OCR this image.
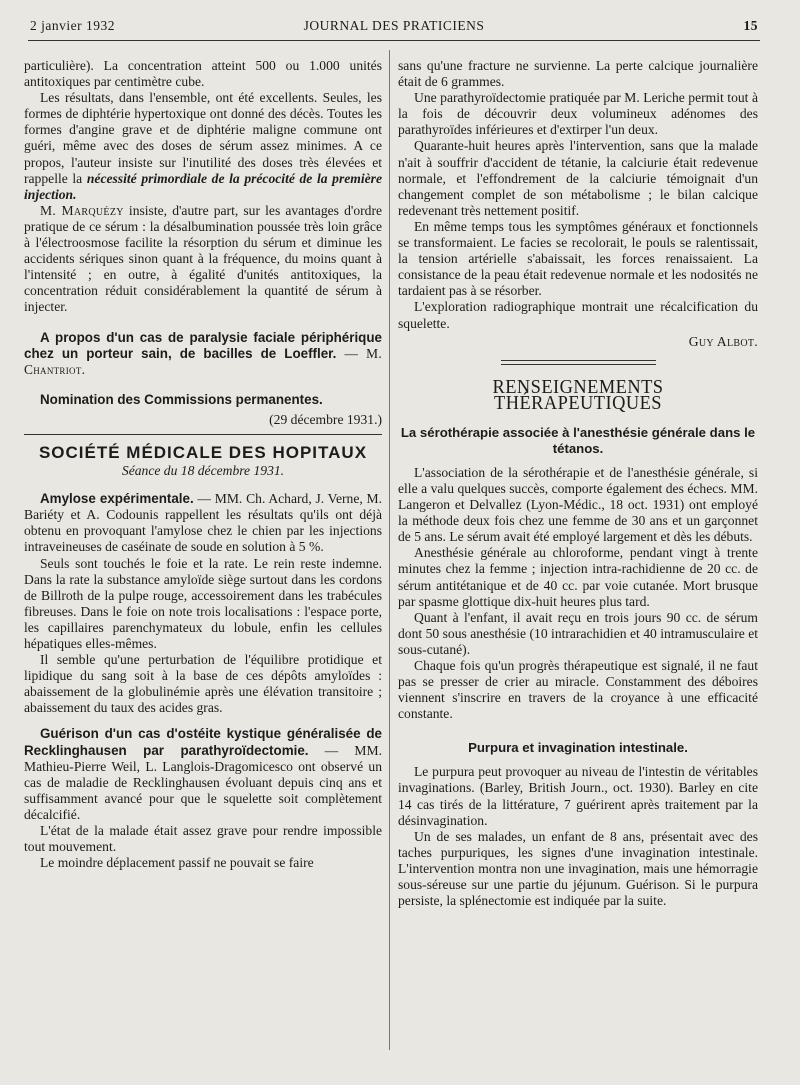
2 janvier 1932	JOURNAL DES PRATICIENS	15

particulière). La concentration atteint 500 ou 1.000 unités antitoxiques par centimètre cube.

Les résultats, dans l'ensemble, ont été excellents. Seules, les formes de diphtérie hypertoxique ont donné des décès. Toutes les formes d'angine grave et de diphtérie maligne commune ont guéri, même avec des doses de sérum assez minimes. A ce propos, l'auteur insiste sur l'inutilité des doses très élevées et rappelle la nécessité primordiale de la précocité de la première injection.

M. Marquézy insiste, d'autre part, sur les avantages d'ordre pratique de ce sérum : la désalbumination poussée très loin grâce à l'électroosmose facilite la résorption du sérum et diminue les accidents sériques sinon quant à la fréquence, du moins quant à l'intensité ; en outre, à égalité d'unités antitoxiques, la concentration réduit considérablement la quantité de sérum à injecter.

A propos d'un cas de paralysie faciale périphérique chez un porteur sain, de bacilles de Loeffler. — M. Chantriot.

Nomination des Commissions permanentes.

(29 décembre 1931.)
SOCIÉTÉ MÉDICALE DES HOPITAUX
Séance du 18 décembre 1931.

Amylose expérimentale. — MM. Ch. Achard, J. Verne, M. Bariéty et A. Codounis rappellent les résultats qu'ils ont déjà obtenu en provoquant l'amylose chez le chien par les injections intraveineuses de caséinate de soude en solution à 5 %.

Seuls sont touchés le foie et la rate. Le rein reste indemne. Dans la rate la substance amyloïde siège surtout dans les cordons de Billroth de la pulpe rouge, accessoirement dans les trabécules fibreuses. Dans le foie on note trois localisations : l'espace porte, les capillaires parenchymateux du lobule, enfin les cellules hépatiques elles-mêmes.

Il semble qu'une perturbation de l'équilibre protidique et lipidique du sang soit à la base de ces dépôts amyloïdes : abaissement de la globulinémie après une élévation transitoire ; abaissement du taux des acides gras.

Guérison d'un cas d'ostéite kystique généralisée de Recklinghausen par parathyroïdectomie. — MM. Mathieu-Pierre Weil, L. Langlois-Dragomicesco ont observé un cas de maladie de Recklinghausen évoluant depuis cinq ans et suffisamment avancé pour que le squelette soit complètement décalcifié.

L'état de la malade était assez grave pour rendre impossible tout mouvement.

Le moindre déplacement passif ne pouvait se faire

sans qu'une fracture ne survienne. La perte calcique journalière était de 6 grammes.

Une parathyroïdectomie pratiquée par M. Leriche permit tout à la fois de découvrir deux volumineux adénomes des parathyroïdes inférieures et d'extirper l'un deux.

Quarante-huit heures après l'intervention, sans que la malade n'ait à souffrir d'accident de tétanie, la calciurie était redevenue normale, et l'effondrement de la calciurie témoignait d'un changement complet de son métabolisme ; le bilan calcique redevenant très nettement positif.

En même temps tous les symptômes généraux et fonctionnels se transformaient. Le facies se recolorait, le pouls se ralentissait, la tension artérielle s'abaissait, les forces renaissaient. La consistance de la peau était redevenue normale et les nodosités ne tardaient pas à se résorber.

L'exploration radiographique montrait une récalcification du squelette.

Guy Albot.
RENSEIGNEMENTS THÉRAPEUTIQUES
La sérothérapie associée à l'anesthésie générale dans le tétanos.

L'association de la sérothérapie et de l'anesthésie générale, si elle a valu quelques succès, comporte également des échecs. MM. Langeron et Delvallez (Lyon-Médic., 18 oct. 1931) ont employé la méthode deux fois chez une femme de 30 ans et un garçonnet de 5 ans. Le sérum avait été employé largement et dès les débuts.

Anesthésie générale au chloroforme, pendant vingt à trente minutes chez la femme ; injection intra-rachidienne de 20 cc. de sérum antitétanique et de 40 cc. par voie cutanée. Mort brusque par spasme glottique dix-huit heures plus tard.

Quant à l'enfant, il avait reçu en trois jours 90 cc. de sérum dont 50 sous anesthésie (10 intrarachidien et 40 intramusculaire et sous-cutané).

Chaque fois qu'un progrès thérapeutique est signalé, il ne faut pas se presser de crier au miracle. Constamment des déboires viennent s'inscrire en travers de la croyance à une efficacité constante.

Purpura et invagination intestinale.

Le purpura peut provoquer au niveau de l'intestin de véritables invaginations. (Barley, British Journ., oct. 1930). Barley en cite 14 cas tirés de la littérature, 7 guérirent après traitement par la désinvagination.

Un de ses malades, un enfant de 8 ans, présentait avec des taches purpuriques, les signes d'une invagination intestinale. L'intervention montra non une invagination, mais une hémorragie sous-séreuse sur une partie du jéjunum. Guérison. Si le purpura persiste, la splénectomie est indiquée par la suite.
